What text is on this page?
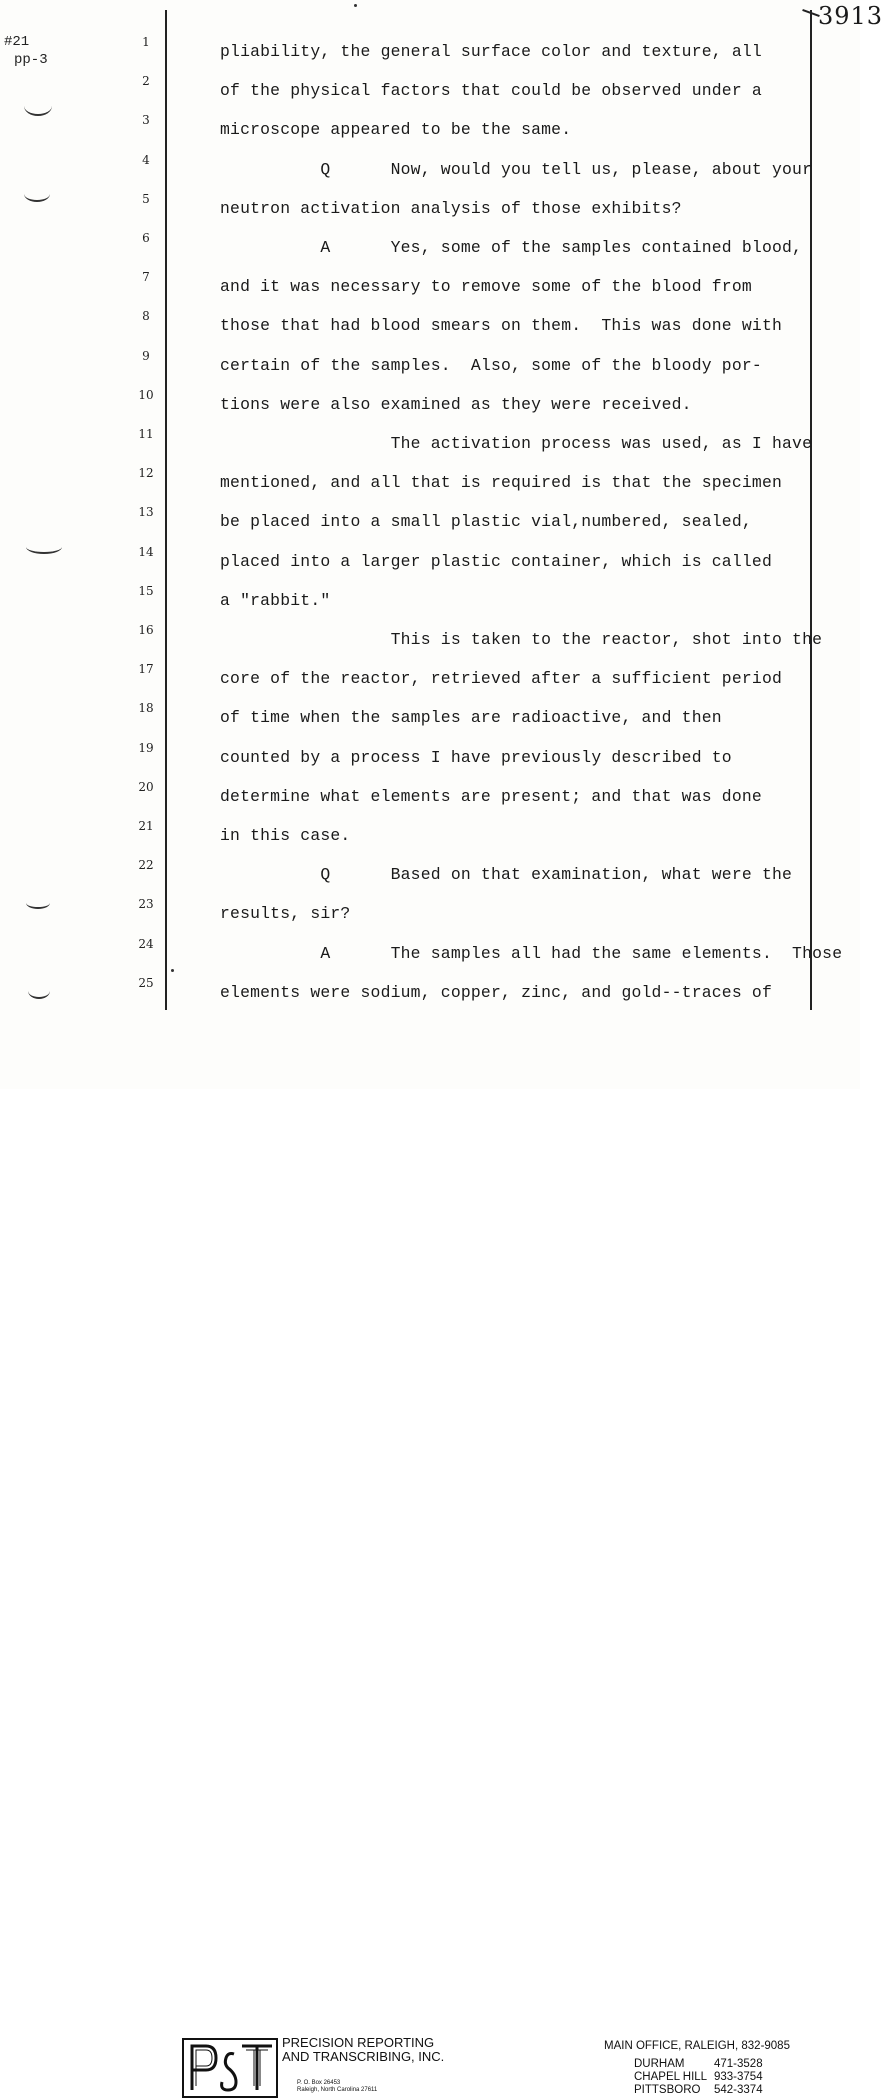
3913
#21
pp-3
1	pliability, the general surface color and texture, all
2	of the physical factors that could be observed under a
3	microscope appeared to be the same.
4	Q      Now, would you tell us, please, about your
5	neutron activation analysis of those exhibits?
6	A      Yes, some of the samples contained blood,
7	and it was necessary to remove some of the blood from
8	those that had blood smears on them.  This was done with
9	certain of the samples.  Also, some of the bloody por-
10	tions were also examined as they were received.
11	The activation process was used, as I have
12	mentioned, and all that is required is that the specimen
13	be placed into a small plastic vial,numbered, sealed,
14	placed into a larger plastic container, which is called
15	a "rabbit."
16	This is taken to the reactor, shot into the
17	core of the reactor, retrieved after a sufficient period
18	of time when the samples are radioactive, and then
19	counted by a process I have previously described to
20	determine what elements are present; and that was done
21	in this case.
22	Q      Based on that examination, what were the
23	results, sir?
24	A      The samples all had the same elements.  Those
25	elements were sodium, copper, zinc, and gold--traces of
PRECISION REPORTING
AND TRANSCRIBING, INC.
P. O. Box 26453
Raleigh, North Carolina 27611
MAIN OFFICE, RALEIGH, 832-9085
DURHAM	471-3528
CHAPEL HILL 933-3754
PITTSBORO 542-3374
